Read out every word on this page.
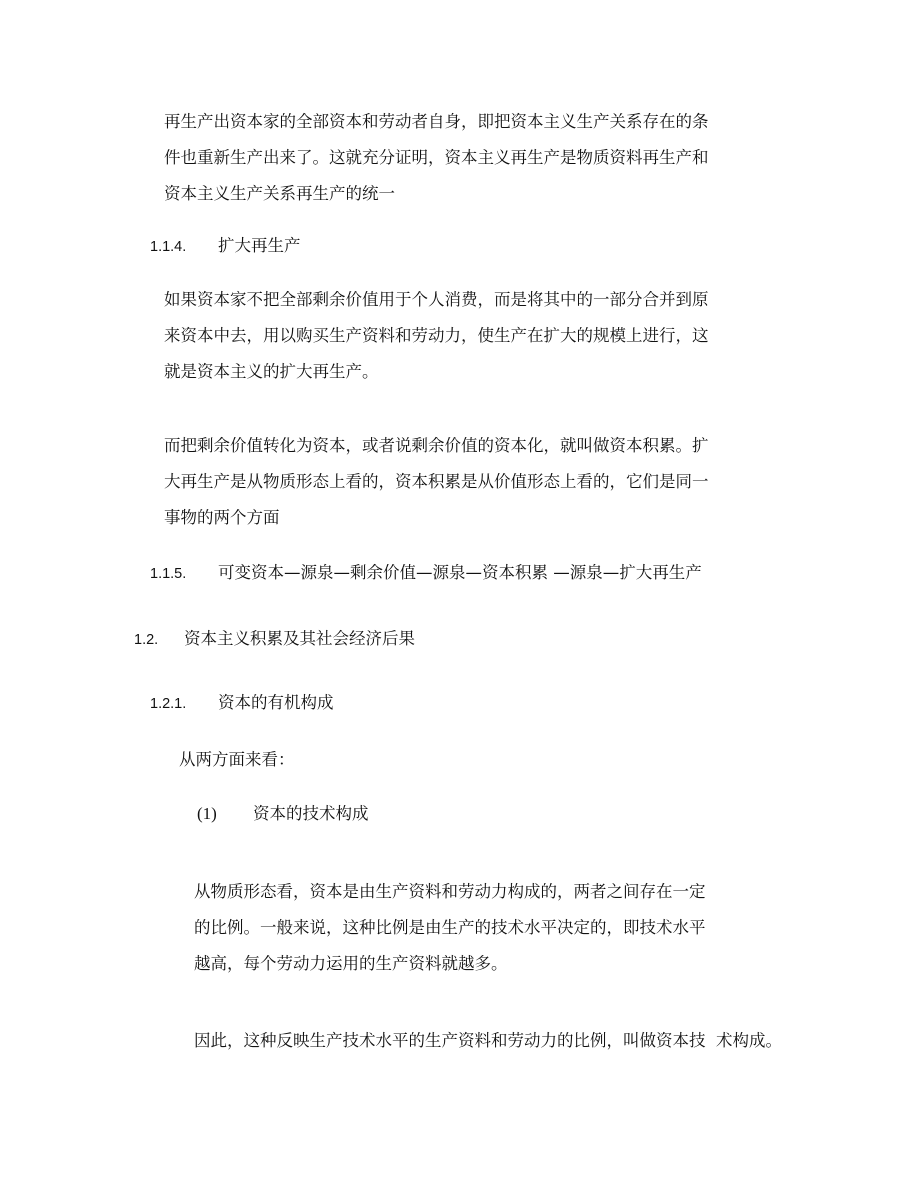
再生产出资本家的全部资本和劳动者自身，即把资本主义生产关系存在的条
件也重新生产出来了。这就充分证明，资本主义再生产是物质资料再生产和
资本主义生产关系再生产的统一
1.1.4. 扩大再生产
如果资本家不把全部剩余价值用于个人消费，而是将其中的一部分合并到原
来资本中去，用以购买生产资料和劳动力，使生产在扩大的规模上进行，这
就是资本主义的扩大再生产。
而把剩余价值转化为资本，或者说剩余价值的资本化，就叫做资本积累。扩
大再生产是从物质形态上看的，资本积累是从价值形态上看的，它们是同一
事物的两个方面
1.1.5. 可变资本—源泉—剩余价值—源泉—资本积累 —源泉—扩大再生产
1.2. 资本主义积累及其社会经济后果
1.2.1. 资本的有机构成
从两方面来看：
(1) 资本的技术构成
从物质形态看，资本是由生产资料和劳动力构成的，两者之间存在一定
的比例。一般来说，这种比例是由生产的技术水平决定的，即技术水平
越高，每个劳动力运用的生产资料就越多。
因此，这种反映生产技术水平的生产资料和劳动力的比例，叫做资本技  术构成。
